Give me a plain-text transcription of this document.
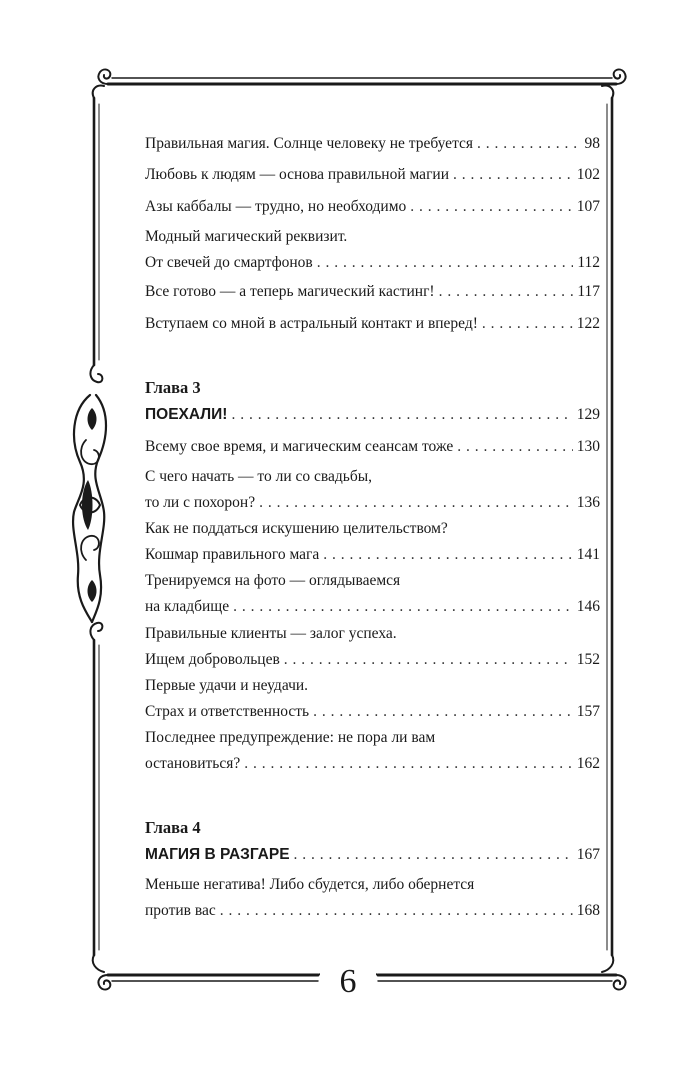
Правильная магия. Солнце человеку не требуется . . .	98
Любовь к людям — основа правильной магии . . .	102
Азы каббалы — трудно, но необходимо . . .	107
Модный магический реквизит.
От свечей до смартфонов . . .	112
Все готово — а теперь магический кастинг! . . .	117
Вступаем со мной в астральный контакт и вперед! . . .	122
Глава 3
ПОЕХАЛИ! . . .	129
Всему свое время, и магическим сеансам тоже . . .	130
С чего начать — то ли со свадьбы,
то ли с похорон? . . .	136
Как не поддаться искушению целительством?
Кошмар правильного мага . . .	141
Тренируемся на фото — оглядываемся
на кладбище . . .	146
Правильные клиенты — залог успеха.
Ищем добровольцев . . .	152
Первые удачи и неудачи.
Страх и ответственность . . .	157
Последнее предупреждение: не пора ли вам
остановиться? . . .	162
Глава 4
МАГИЯ В РАЗГАРЕ . . .	167
Меньше негатива! Либо сбудется, либо обернется
против вас . . .	168
6
